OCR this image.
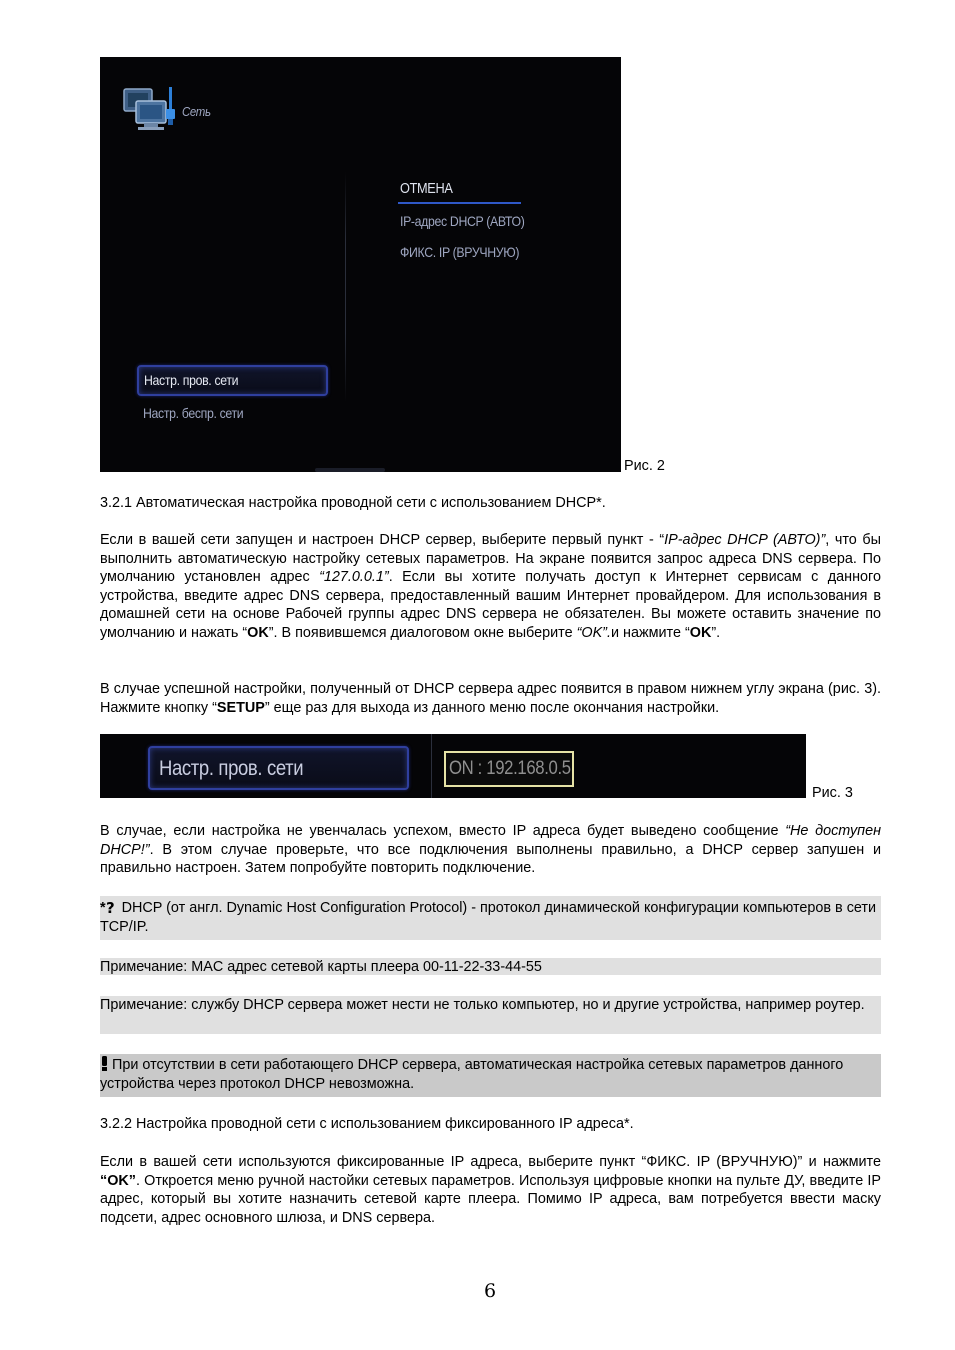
Сеть
ОТМЕНА
IP-адрес DHCP (АВТО)
ФИКС. IP (ВРУЧНУЮ)
Настр. пров. сети
Настр. беспр. сети
Рис. 2
3.2.1 Автоматическая настройка проводной сети с использованием DHCP*.
Если в вашей сети запущен и настроен DHCP сервер, выберите первый пункт - “IP-адрес DHCP (АВТО)”, что бы выполнить автоматическую настройку сетевых параметров. На экране появится запрос адреса DNS сервера. По умолчанию установлен адрес “127.0.0.1”. Если вы хотите получать доступ к Интернет сервисам с данного устройства, введите адрес DNS сервера, предоставленный вашим Интернет провайдером. Для использования в домашней сети на основе Рабочей группы адрес DNS сервера не обязателен. Вы можете оставить значение по умолчанию и нажать “OK”. В появившемся диалоговом окне выберите “OK”.и нажмите “OK”.
В случае успешной настройки, полученный от DHCP сервера адрес появится в правом нижнем углу экрана (рис. 3). Нажмите кнопку “SETUP” еще раз для выхода из данного меню после окончания настройки.
Настр. пров. сети	ON : 192.168.0.5
Рис. 3
В случае, если настройка не увенчалась успехом, вместо IP адреса будет выведено сообщение “Не доступен DHCP!”. В этом случае проверьте, что все подключения выполнены правильно, а DHCP сервер запушен и правильно настроен. Затем попробуйте повторить подключение.
* ? DHCP (от англ. Dynamic Host Configuration Protocol) - протокол динамической конфигурации компьютеров в сети TCP/IP.
Примечание: MAC адрес сетевой карты плеера 00-11-22-33-44-55
Примечание: службу DHCP сервера может нести не только компьютер, но и другие устройства, например роутер.
При отсутствии в сети работающего DHCP сервера, автоматическая настройка сетевых параметров данного устройства через протокол DHCP невозможна.
3.2.2 Настройка проводной сети с использованием фиксированного IP адреса*.
Если в вашей сети используются фиксированные IP адреса, выберите пункт “ФИКС. IP (ВРУЧНУЮ)” и нажмите “OK”. Откроется меню ручной настойки сетевых параметров. Используя цифровые кнопки на пульте ДУ, введите IP адрес, который вы хотите назначить сетевой карте плеера. Помимо IP адреса, вам потребуется ввести маску подсети, адрес основного шлюза, и DNS сервера.
6
